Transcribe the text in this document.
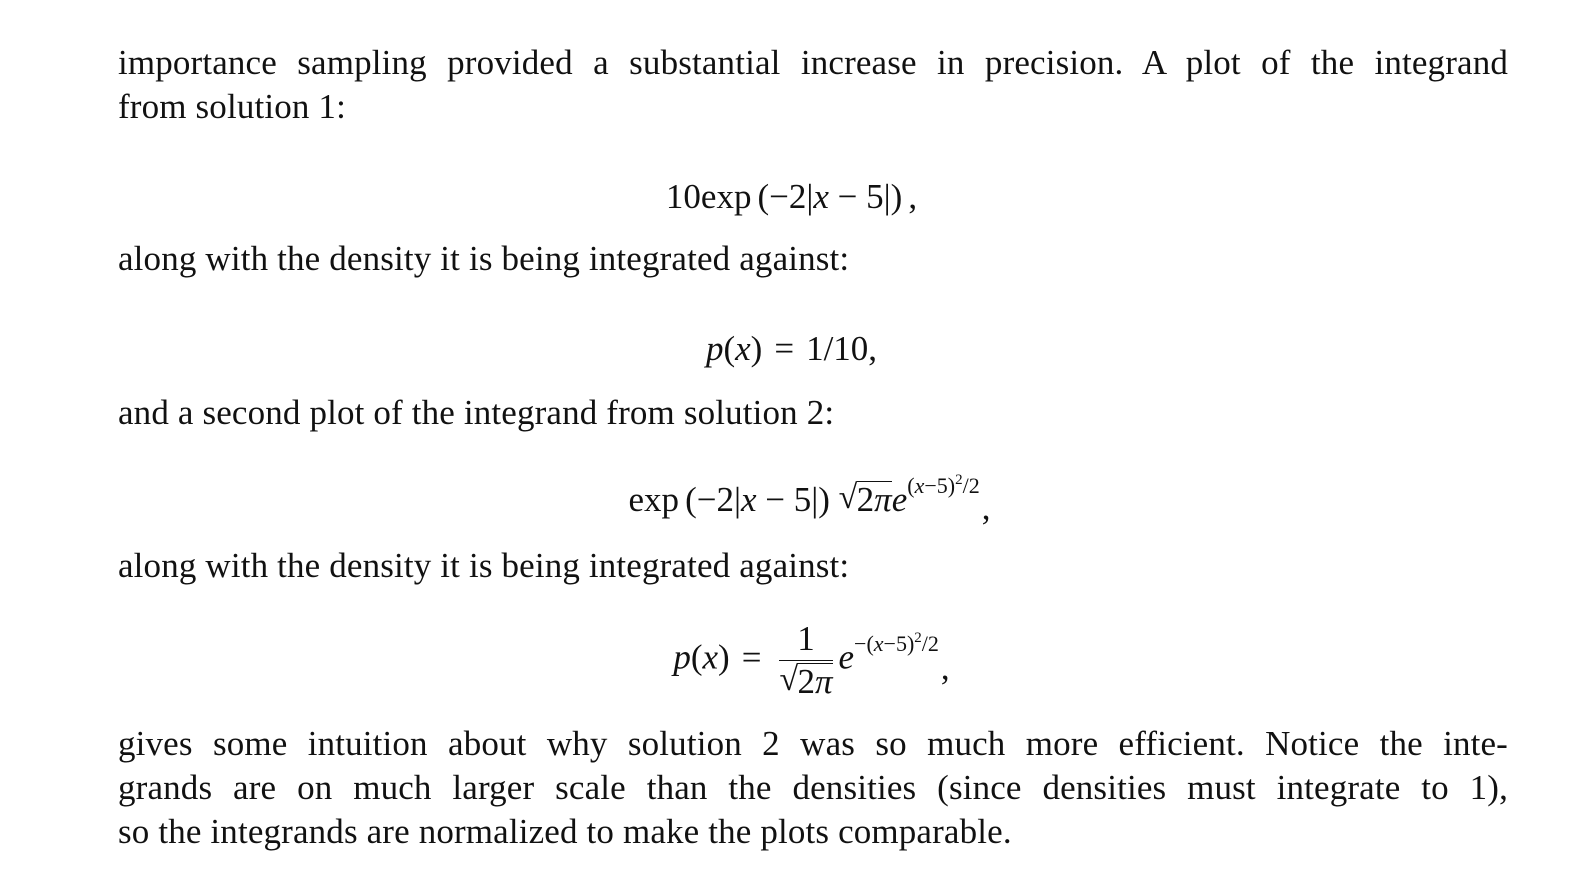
importance sampling provided a substantial increase in precision. A plot of the integrand
from solution 1:

10exp (−2|x − 5|) ,

along with the density it is being integrated against:

p(x) = 1/10,

and a second plot of the integrand from solution 2:

exp (−2|x − 5|) √ $2\pi e^{(x-5)^2/2}$,

along with the density it is being integrated against:

$p(x) = \frac{1}{√ 2\pi} e^{-(x-5)^2/2}$,

gives some intuition about why solution 2 was so much more efficient. Notice the inte-
grands are on much larger scale than the densities (since densities must integrate to 1),
so the integrands are normalized to make the plots comparable.
